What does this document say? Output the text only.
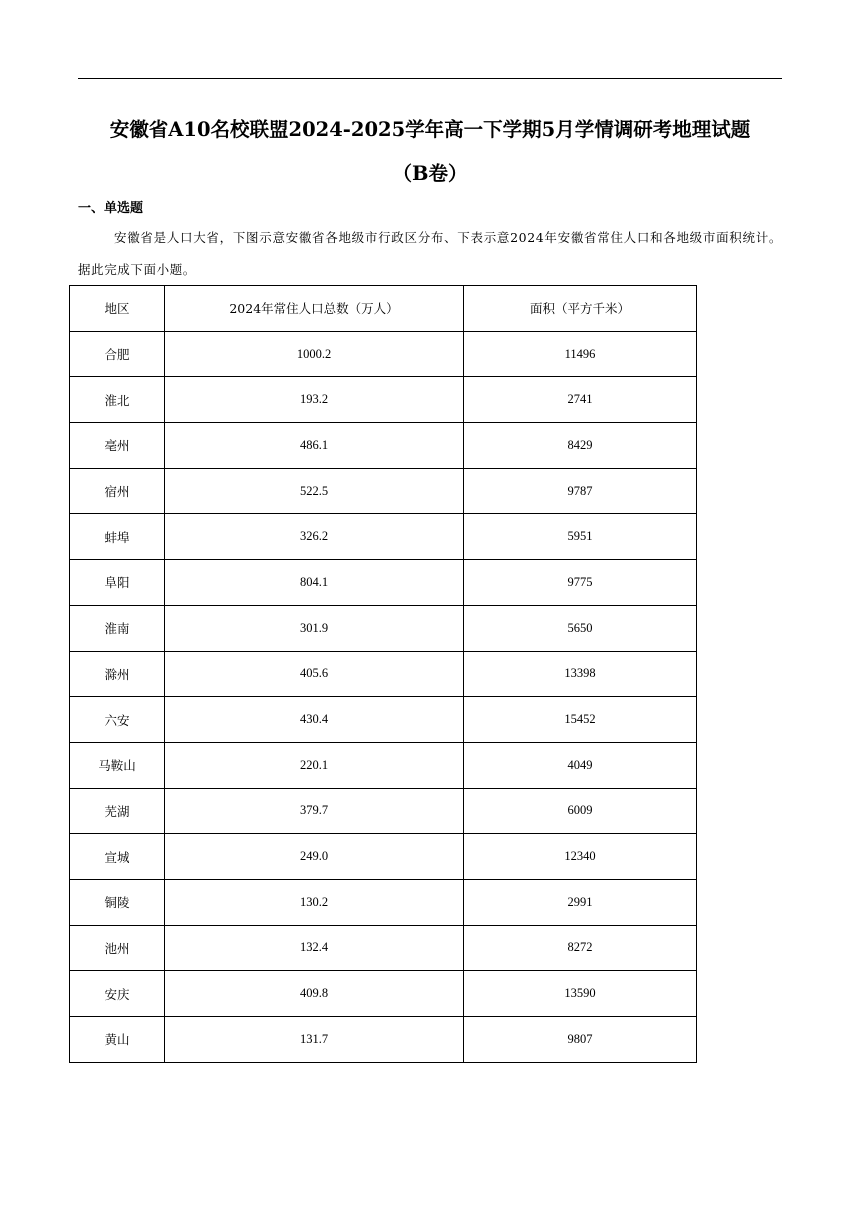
安徽省A10名校联盟2024-2025学年高一下学期5月学情调研考地理试题
（B卷）
一、单选题
安徽省是人口大省，下图示意安徽省各地级市行政区分布、下表示意2024年安徽省常住人口和各地级市面积统计。据此完成下面小题。
地区	2024年常住人口总数（万人）	面积（平方千米）
合肥	1000.2	11496
淮北	193.2	2741
亳州	486.1	8429
宿州	522.5	9787
蚌埠	326.2	5951
阜阳	804.1	9775
淮南	301.9	5650
滁州	405.6	13398
六安	430.4	15452
马鞍山	220.1	4049
芜湖	379.7	6009
宣城	249.0	12340
铜陵	130.2	2991
池州	132.4	8272
安庆	409.8	13590
黄山	131.7	9807
